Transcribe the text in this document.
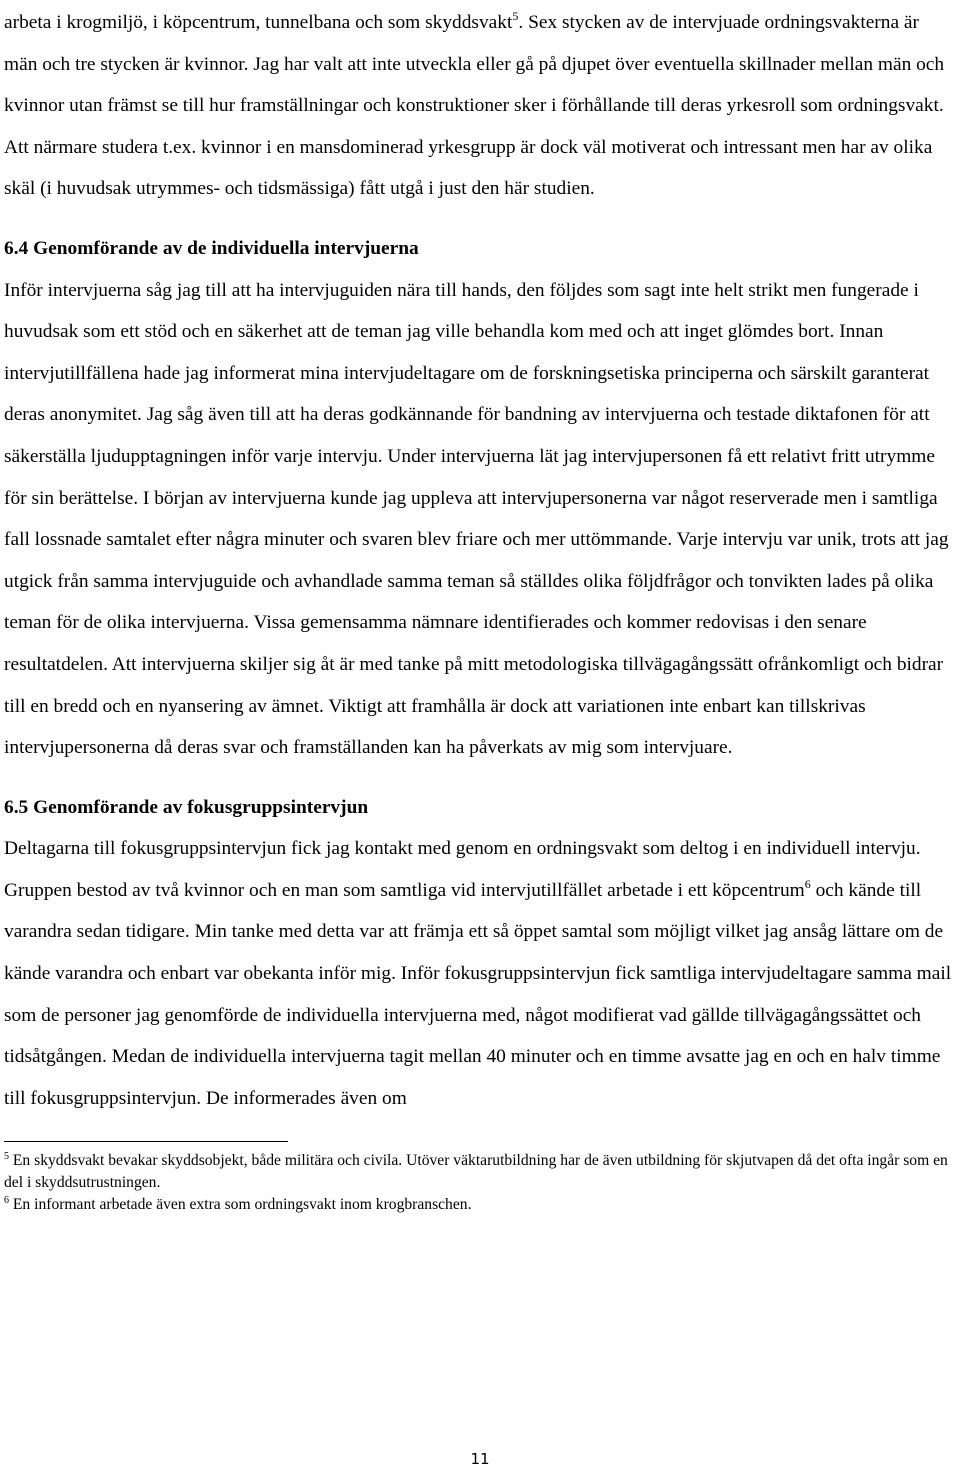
arbeta i krogmiljö, i köpcentrum, tunnelbana och som skyddsvakt$^5$. Sex stycken av de intervjuade ordningsvakterna är män och tre stycken är kvinnor. Jag har valt att inte utveckla eller gå på djupet över eventuella skillnader mellan män och kvinnor utan främst se till hur framställningar och konstruktioner sker i förhållande till deras yrkesroll som ordningsvakt. Att närmare studera t.ex. kvinnor i en mansdominerad yrkesgrupp är dock väl motiverat och intressant men har av olika skäl (i huvudsak utrymmes- och tidsmässiga) fått utgå i just den här studien.

6.4 Genomförande av de individuella intervjuerna

Inför intervjuerna såg jag till att ha intervjuguiden nära till hands, den följdes som sagt inte helt strikt men fungerade i huvudsak som ett stöd och en säkerhet att de teman jag ville behandla kom med och att inget glömdes bort. Innan intervjutillfällena hade jag informerat mina intervjudeltagare om de forskningsetiska principerna och särskilt garanterat deras anonymitet. Jag såg även till att ha deras godkännande för bandning av intervjuerna och testade diktafonen för att säkerställa ljudupptagningen inför varje intervju. Under intervjuerna lät jag intervjupersonen få ett relativt fritt utrymme för sin berättelse. I början av intervjuerna kunde jag uppleva att intervjupersonerna var något reserverade men i samtliga fall lossnade samtalet efter några minuter och svaren blev friare och mer uttömmande. Varje intervju var unik, trots att jag utgick från samma intervjuguide och avhandlade samma teman så ställdes olika följdfrågor och tonvikten lades på olika teman för de olika intervjuerna. Vissa gemensamma nämnare identifierades och kommer redovisas i den senare resultatdelen. Att intervjuerna skiljer sig åt är med tanke på mitt metodologiska tillvägagångssätt ofrånkomligt och bidrar till en bredd och en nyansering av ämnet. Viktigt att framhålla är dock att variationen inte enbart kan tillskrivas intervjupersonerna då deras svar och framställanden kan ha påverkats av mig som intervjuare.

6.5 Genomförande av fokusgruppsintervjun

Deltagarna till fokusgruppsintervjun fick jag kontakt med genom en ordningsvakt som deltog i en individuell intervju. Gruppen bestod av två kvinnor och en man som samtliga vid intervjutillfället arbetade i ett köpcentrum$^6$ och kände till varandra sedan tidigare. Min tanke med detta var att främja ett så öppet samtal som möjligt vilket jag ansåg lättare om de kände varandra och enbart var obekanta inför mig. Inför fokusgruppsintervjun fick samtliga intervjudeltagare samma mail som de personer jag genomförde de individuella intervjuerna med, något modifierat vad gällde tillvägagångssättet och tidsåtgången. Medan de individuella intervjuerna tagit mellan 40 minuter och en timme avsatte jag en och en halv timme till fokusgruppsintervjun. De informerades även om

$^5$ En skyddsvakt bevakar skyddsobjekt, både militära och civila. Utöver väktarutbildning har de även utbildning för skjutvapen då det ofta ingår som en del i skyddsutrustningen.

$^6$ En informant arbetade även extra som ordningsvakt inom krogbranschen.

11
